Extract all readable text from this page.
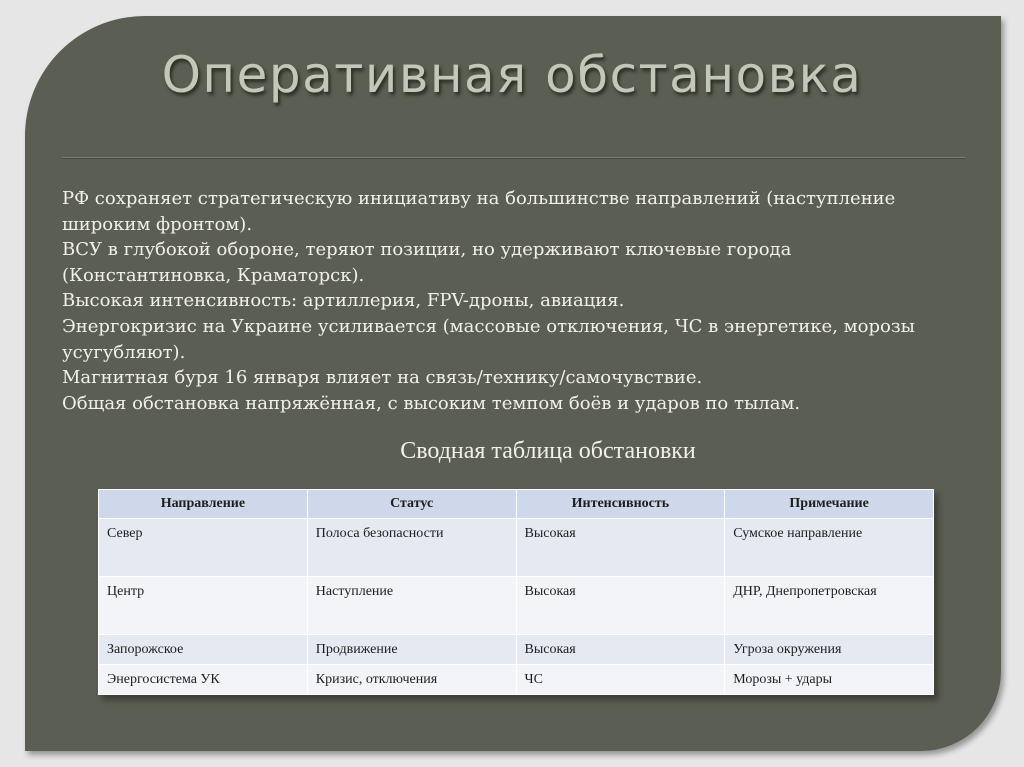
Оперативная обстановка

РФ сохраняет стратегическую инициативу на большинстве направлений (наступление широким фронтом).

ВСУ в глубокой обороне, теряют позиции, но удерживают ключевые города (Константиновка, Краматорск).

Высокая интенсивность: артиллерия, FPV-дроны, авиация.

Энергокризис на Украине усиливается (массовые отключения, ЧС в энергетике, морозы усугубляют).

Магнитная буря 16 января влияет на связь/технику/самочувствие.

Общая обстановка напряжённая, с высоким темпом боёв и ударов по тылам.

Сводная таблица обстановки
Направление	Статус	Интенсивность	Примечание
Север	Полоса безопасности	Высокая	Сумское направление
Центр	Наступление	Высокая	ДНР, Днепропетровская
Запорожское	Продвижение	Высокая	Угроза окружения
Энергосистема УК	Кризис, отключения	ЧС	Морозы + удары
